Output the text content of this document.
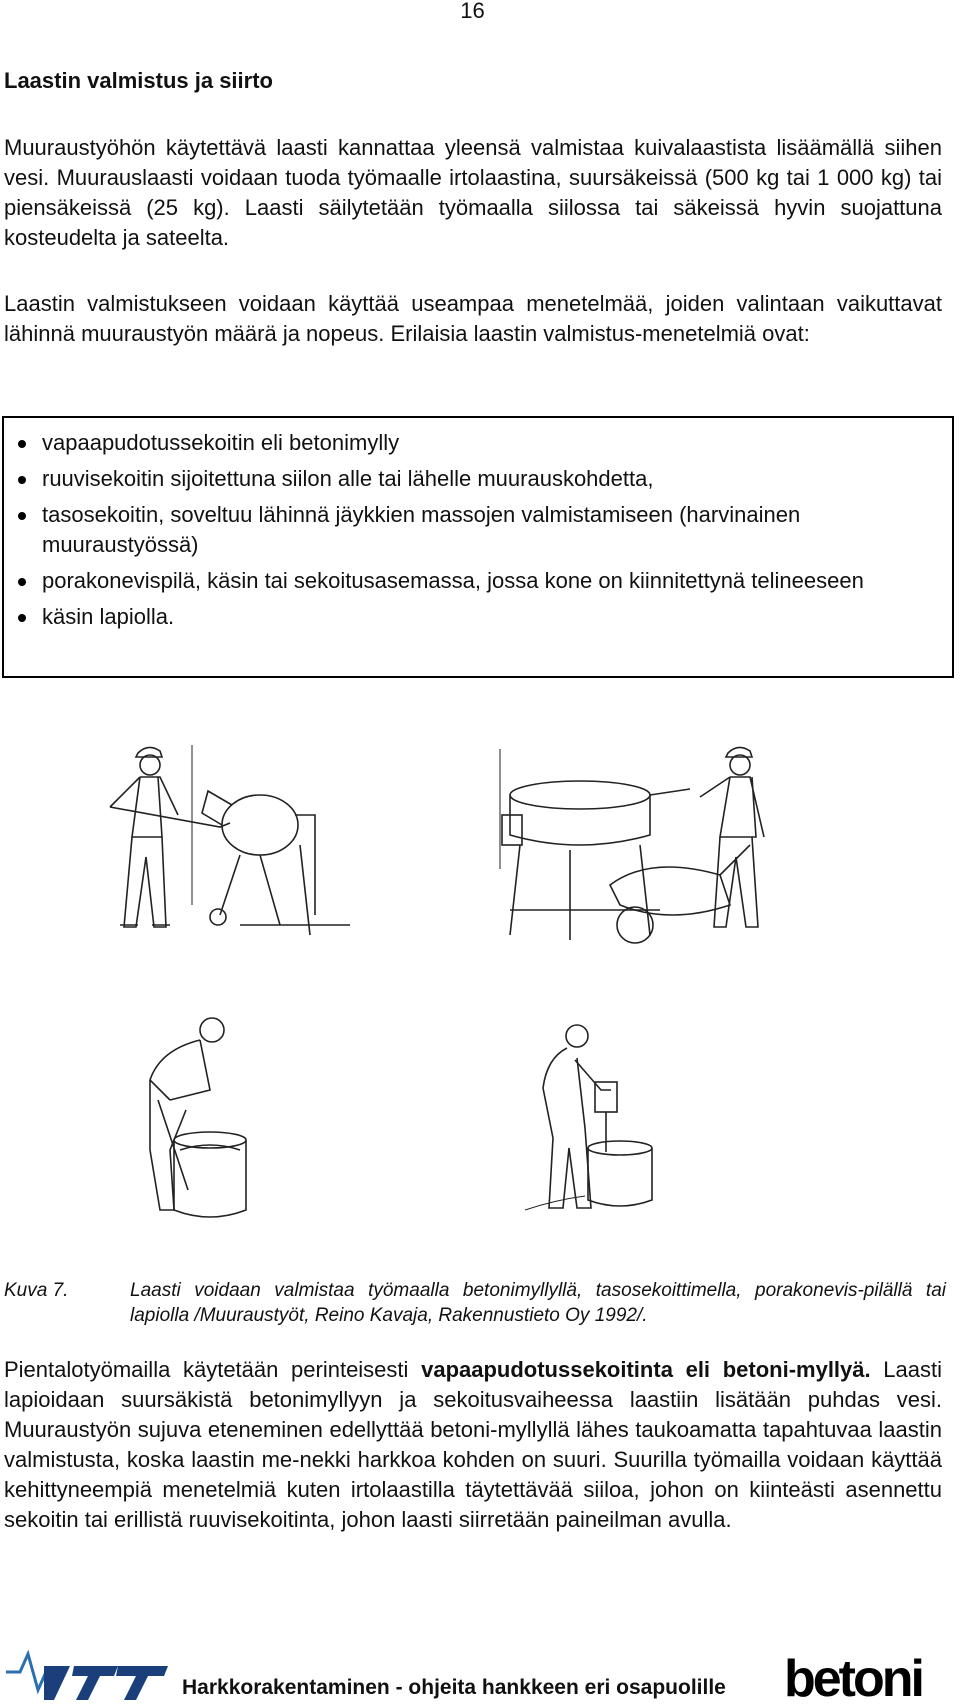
16
Laastin valmistus ja siirto

Muuraustyöhön käytettävä laasti kannattaa yleensä valmistaa kuivalaastista lisäämällä siihen vesi. Muurauslaasti voidaan tuoda työmaalle irtolaastina, suursäkeissä (500 kg tai 1 000 kg) tai piensäkeissä (25 kg). Laasti säilytetään työmaalla siilossa tai säkeissä hyvin suojattuna kosteudelta ja sateelta.

Laastin valmistukseen voidaan käyttää useampaa menetelmää, joiden valintaan vaikuttavat lähinnä muuraustyön määrä ja nopeus. Erilaisia laastin valmistus-menetelmiä ovat:

vapaapudotussekoitin eli betonimylly
ruuvisekoitin sijoitettuna siilon alle tai lähelle muurauskohdetta,
tasosekoitin, soveltuu lähinnä jäykkien massojen valmistamiseen (harvinainen muuraustyössä)
porakonevispilä, käsin tai sekoitusasemassa, jossa kone on kiinnitettynä telineeseen
käsin lapiolla.
Kuva 7.	Laasti voidaan valmistaa työmaalla betonimyllyllä, tasosekoittimella, porakonevis-pilällä tai lapiolla /Muuraustyöt, Reino Kavaja, Rakennustieto Oy 1992/.

Pientalotyömailla käytetään perinteisesti vapaapudotussekoitinta eli betoni-myllyä. Laasti lapioidaan suursäkistä betonimyllyyn ja sekoitusvaiheessa laastiin lisätään puhdas vesi. Muuraustyön sujuva eteneminen edellyttää betoni-myllyllä lähes taukoamatta tapahtuvaa laastin valmistusta, koska laastin me-nekki harkkoa kohden on suuri. Suurilla työmailla voidaan käyttää kehittyneempiä menetelmiä kuten irtolaastilla täytettävää siiloa, johon on kiinteästi asennettu sekoitin tai erillistä ruuvisekoitinta, johon laasti siirretään paineilman avulla.

VTT	Harkkorakentaminen - ohjeita hankkeen eri osapuolille betoni
